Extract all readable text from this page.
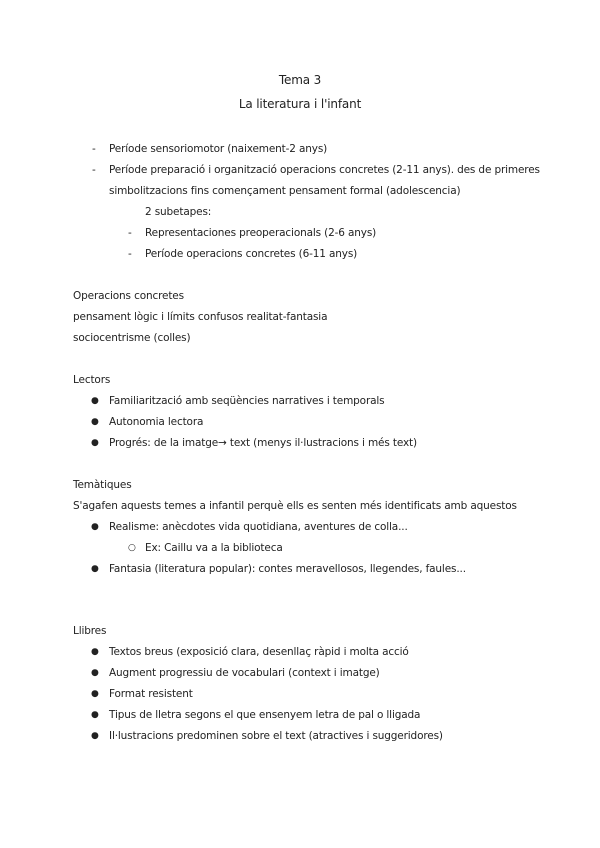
Tema 3
La literatura i l'infant
- Període sensoriomotor (naixement-2 anys)
- Període preparació i organització operacions concretes (2-11 anys). des de primeres
simbolitzacions fins començament pensament formal (adolescencia)
2 subetapes:
- Representaciones preoperacionals (2-6 anys)
- Període operacions concretes (6-11 anys)
Operacions concretes
pensament lògic i límits confusos realitat-fantasia
sociocentrisme (colles)
Lectors
● Familiarització amb seqüències narratives i temporals
● Autonomia lectora
● Progrés: de la imatge→ text (menys il·lustracions i més text)
Temàtiques
S'agafen aquests temes a infantil perquè ells es senten més identificats amb aquestos
● Realisme: anècdotes vida quotidiana, aventures de colla...
○ Ex: Caillu va a la biblioteca
● Fantasia (literatura popular): contes meravellosos, llegendes, faules...
Llibres
● Textos breus (exposició clara, desenllaç ràpid i molta acció
● Augment progressiu de vocabulari (context i imatge)
● Format resistent
● Tipus de lletra segons el que ensenyem letra de pal o lligada
● Il·lustracions predominen sobre el text (atractives i suggeridores)
